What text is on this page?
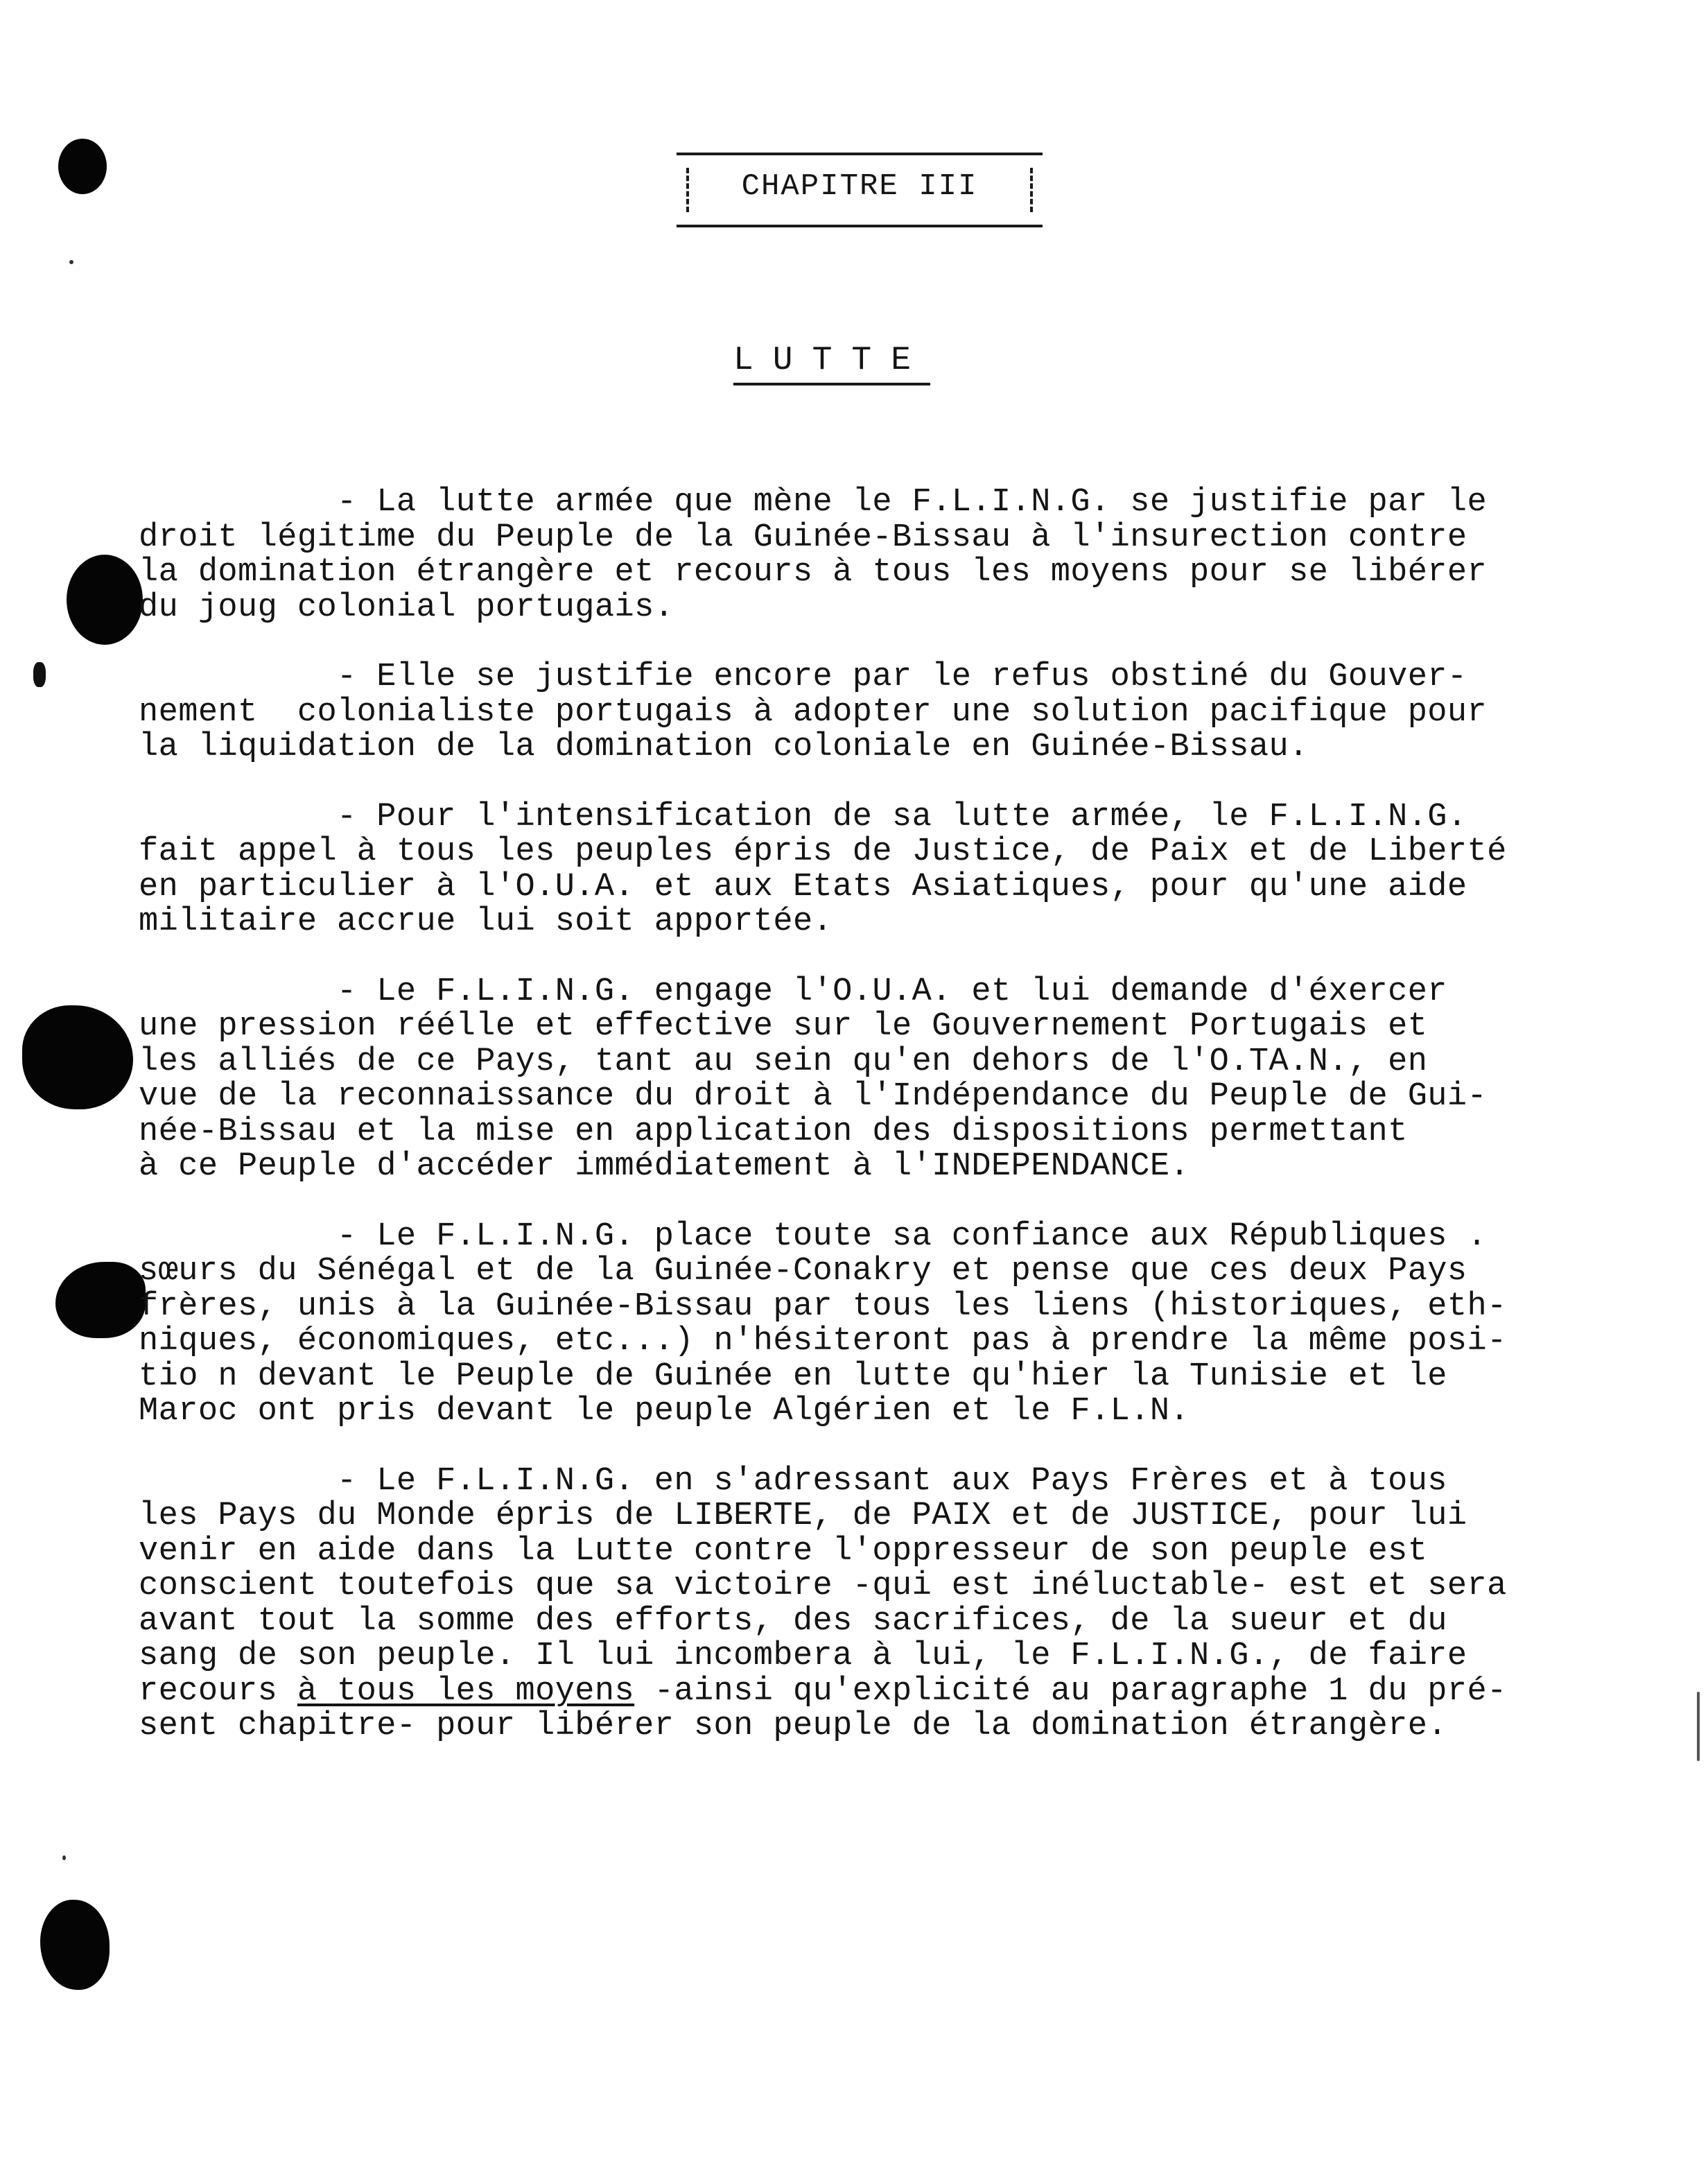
CHAPITRE III
LUTTE

- La lutte armée que mène le F.L.I.N.G. se justifie par le
droit légitime du Peuple de la Guinée-Bissau à l'insurection contre
la domination étrangère et recours à tous les moyens pour se libérer
du joug colonial portugais.

- Elle se justifie encore par le refus obstiné du Gouver-
nement  colonialiste portugais à adopter une solution pacifique pour
la liquidation de la domination coloniale en Guinée-Bissau.

- Pour l'intensification de sa lutte armée, le F.L.I.N.G.
fait appel à tous les peuples épris de Justice, de Paix et de Liberté
en particulier à l'O.U.A. et aux Etats Asiatiques, pour qu'une aide
militaire accrue lui soit apportée.

- Le F.L.I.N.G. engage l'O.U.A. et lui demande d'éxercer
une pression réélle et effective sur le Gouvernement Portugais et
les alliés de ce Pays, tant au sein qu'en dehors de l'O.TA.N., en
vue de la reconnaissance du droit à l'Indépendance du Peuple de Gui-
née-Bissau et la mise en application des dispositions permettant
à ce Peuple d'accéder immédiatement à l'INDEPENDANCE.

- Le F.L.I.N.G. place toute sa confiance aux Républiques .
sœurs du Sénégal et de la Guinée-Conakry et pense que ces deux Pays
frères, unis à la Guinée-Bissau par tous les liens (historiques, eth-
niques, économiques, etc...) n'hésiteront pas à prendre la même posi-
tio n devant le Peuple de Guinée en lutte qu'hier la Tunisie et le
Maroc ont pris devant le peuple Algérien et le F.L.N.

- Le F.L.I.N.G. en s'adressant aux Pays Frères et à tous
les Pays du Monde épris de LIBERTE, de PAIX et de JUSTICE, pour lui
venir en aide dans la Lutte contre l'oppresseur de son peuple est
conscient toutefois que sa victoire -qui est inéluctable- est et sera
avant tout la somme des efforts, des sacrifices, de la sueur et du
sang de son peuple. Il lui incombera à lui, le F.L.I.N.G., de faire
recours à tous les moyens -ainsi qu'explicité au paragraphe 1 du pré-
sent chapitre- pour libérer son peuple de la domination étrangère.
